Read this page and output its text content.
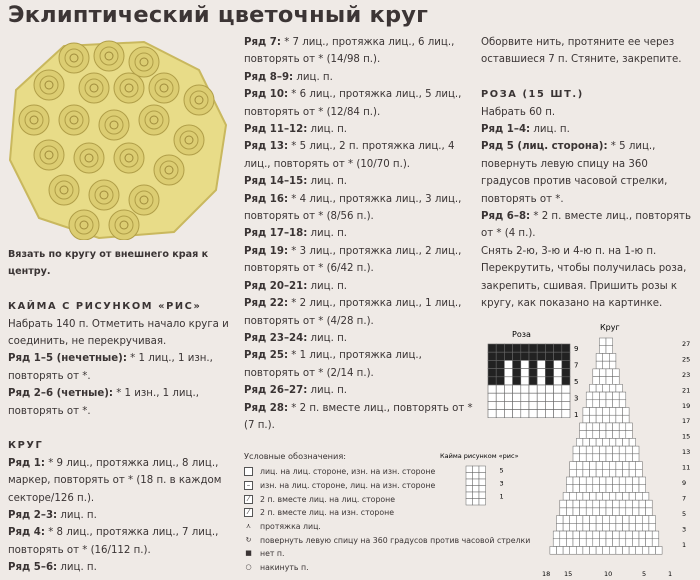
Эклиптический цветочный круг

Вязать по кругу от внешнего края к центру.

КАЙМА С РИСУНКОМ «РИС»

Набрать 140 п. Отметить начало круга и соединить, не перекручивая.

Ряд 1–5 (нечетные): * 1 лиц., 1 изн., повторять от *.

Ряд 2–6 (четные): * 1 изн., 1 лиц., повторять от *.

КРУГ

Ряд 1: * 9 лиц., протяжка лиц., 8 лиц., маркер, повторять от * (18 п. в каждом секторе/126 п.).

Ряд 2–3: лиц. п.

Ряд 4: * 8 лиц., протяжка лиц., 7 лиц., повторять от * (16/112 п.).

Ряд 5–6: лиц. п.

Ряд 7: * 7 лиц., протяжка лиц., 6 лиц., повторять от * (14/98 п.).

Ряд 8–9: лиц. п.

Ряд 10: * 6 лиц., протяжка лиц., 5 лиц., повторять от * (12/84 п.).

Ряд 11–12: лиц. п.

Ряд 13: * 5 лиц., 2 п. протяжка лиц., 4 лиц., повторять от * (10/70 п.).

Ряд 14–15: лиц. п.

Ряд 16: * 4 лиц., протяжка лиц., 3 лиц., повторять от * (8/56 п.).

Ряд 17–18: лиц. п.

Ряд 19: * 3 лиц., протяжка лиц., 2 лиц., повторять от * (6/42 п.).

Ряд 20–21: лиц. п.

Ряд 22: * 2 лиц., протяжка лиц., 1 лиц., повторять от * (4/28 п.).

Ряд 23–24: лиц. п.

Ряд 25: * 1 лиц., протяжка лиц., повторять от * (2/14 п.).

Ряд 26–27: лиц. п.

Ряд 28: * 2 п. вместе лиц., повторять от * (7 п.).

Оборвите нить, протяните ее через оставшиеся 7 п. Стяните, закрепите.

РОЗА (15 ШТ.)

Набрать 60 п.

Ряд 1–4: лиц. п.

Ряд 5 (лиц. сторона): * 5 лиц., повернуть левую спицу на 360 градусов против часовой стрелки, повторять от *.

Ряд 6–8: * 2 п. вместе лиц., повторять от * (4 п.).

Снять 2-ю, 3-ю и 4-ю п. на 1-ю п. Перекрутить, чтобы получилась роза, закрепить, сшивая. Пришить розы к кругу, как показано на картинке.

Условные обозначения:
лиц. на лиц. стороне, изн. на изн. стороне
–	изн. на лиц. стороне, лиц. на изн. стороне
⁄	2 п. вместе лиц. на лиц. стороне
⁄	2 п. вместе лиц. на изн. стороне
⋏ протяжка лиц.
↻ повернуть левую спицу на 360 градусов против часовой стрелки
■ нет п.
○ накинуть п.
Роза
9
7
5
3
1
Круг
27
25
23
21
19
17
15
13
11
9
7
5
3
1
18 15	10	5	1
Кайма рисунком «рис»
5
3
1
